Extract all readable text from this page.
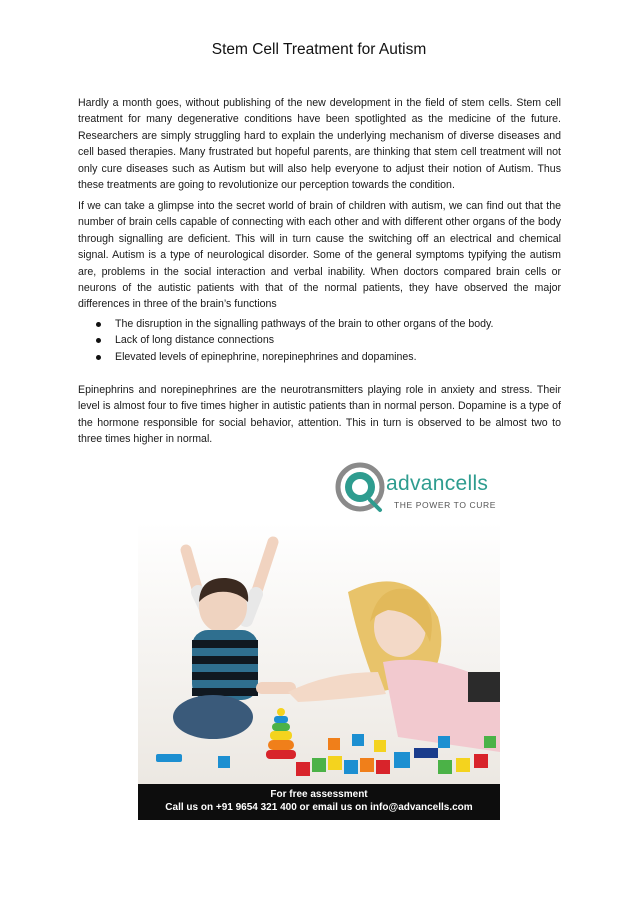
Stem Cell Treatment for Autism
Hardly a month goes, without publishing of the new development in the field of stem cells. Stem cell treatment for many degenerative conditions have been spotlighted as the medicine of the future. Researchers are simply struggling hard to explain the underlying mechanism of diverse diseases and cell based therapies. Many frustrated but hopeful parents, are thinking that stem cell treatment will not only cure diseases such as Autism but will also help everyone to adjust their notion of Autism. Thus these treatments are going to revolutionize our perception towards the condition.
If we can take a glimpse into the secret world of brain of children with autism, we can find out that the number of brain cells capable of connecting with each other and with different other organs of the body through signalling are deficient. This will in turn cause the switching off an electrical and chemical signal. Autism is a type of neurological disorder. Some of the general symptoms typifying the autism are, problems in the social interaction and verbal inability. When doctors compared brain cells or neurons of the autistic patients with that of the normal patients, they have observed the major differences in three of the brain’s functions
The disruption in the signalling pathways of the brain to other organs of the body.
Lack of long distance connections
Elevated levels of epinephrine, norepinephrines and dopamines.
Epinephrins and norepinephrines are the neurotransmitters playing role in anxiety and stress. Their level is almost four to five times higher in autistic patients than in normal person. Dopamine is a type of the hormone responsible for social behavior, attention. This in turn is observed to be almost two to three times higher in normal.
advancells
THE POWER TO CURE
For free assessment
Call us on +91 9654 321 400 or email us on info@advancells.com
